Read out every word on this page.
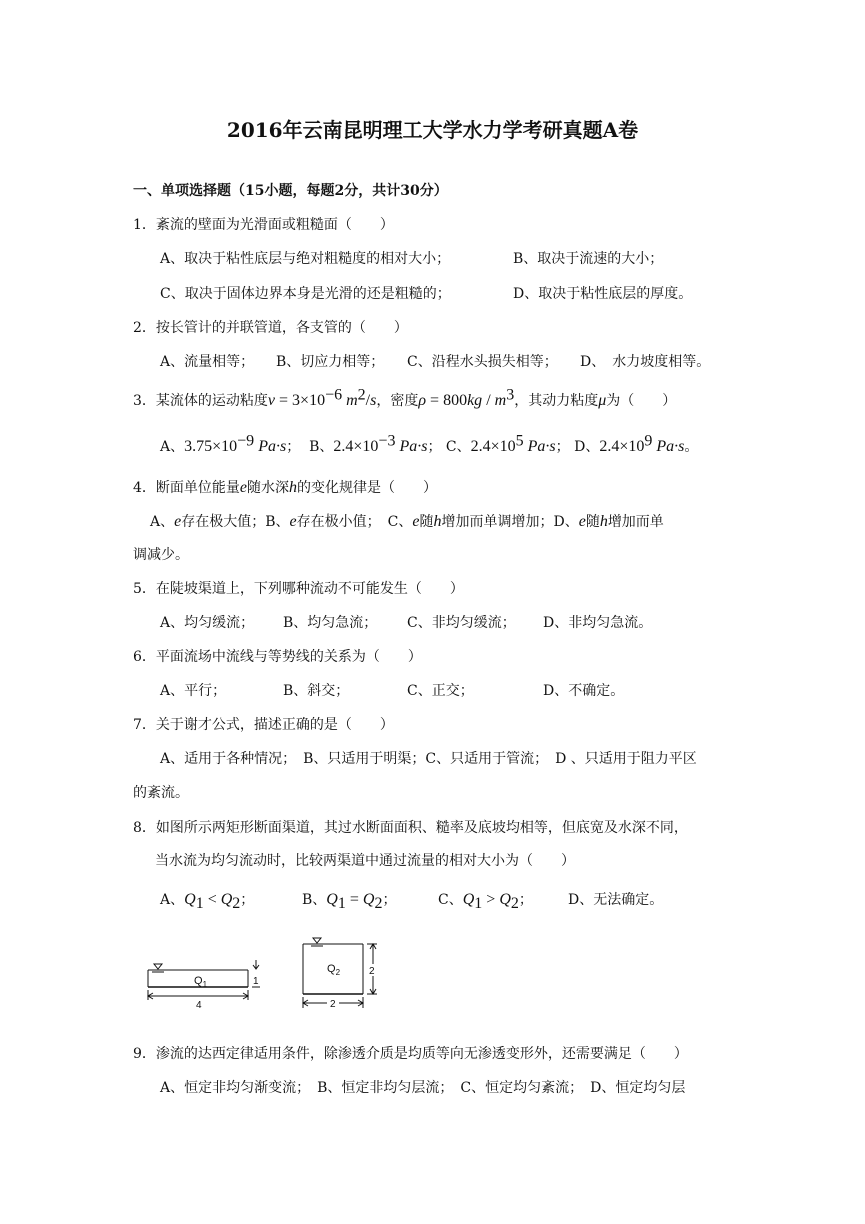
2016年云南昆明理工大学水力学考研真题A卷
一、单项选择题（15小题，每题2分，共计30分）
1．紊流的壁面为光滑面或粗糙面（　　）
A、取决于粘性底层与绝对粗糙度的相对大小；	B、取决于流速的大小；
C、取决于固体边界本身是光滑的还是粗糙的；	D、取决于粘性底层的厚度。
2．按长管计的并联管道，各支管的（　　）
A、流量相等； B、切应力相等； C、沿程水头损失相等； D、　水力坡度相等。
3．某流体的运动粘度$\nu = 3\times 10^{-6}$ $m^2/s$，密度$\rho = 800kg / m^3$，其动力粘度μ为（　　）
A、$3.75\times 10^{-9}$ Pa·s； B、$2.4\times 10^{-3}$ Pa·s； C、$2.4\times 10^5$ Pa·s； D、$2.4\times 10^9$ Pa·s。
4．断面单位能量e随水深h的变化规律是（　　）
A、e存在极大值；B、e存在极小值；　C、e随h增加而单调增加；D、e随h增加而单
调减少。
5．在陡坡渠道上，下列哪种流动不可能发生（　　）
A、均匀缓流； B、均匀急流； C、非均匀缓流； D、非均匀急流。
6．平面流场中流线与等势线的关系为（　　）
A、平行；	B、斜交；	C、正交；	D、不确定。
7．关于谢才公式，描述正确的是（　　）
A、适用于各种情况；　B、只适用于明渠；C、只适用于管流；　D 、只适用于阻力平区
的紊流。
8．如图所示两矩形断面渠道，其过水断面面积、糙率及底坡均相等，但底宽及水深不同，
当水流为均匀流动时，比较两渠道中通过流量的相对大小为（　　）
A、$Q_1 < Q_2$；	B、$Q_1 = Q_2$；	C、$Q_1 > Q_2$；	D、无法确定。
$Q_1$	1
4
$Q_2$	2
2
9．渗流的达西定律适用条件，除渗透介质是均质等向无渗透变形外，还需要满足（　　）
A、恒定非均匀渐变流；　B、恒定非均匀层流；　C、恒定均匀紊流；　D、恒定均匀层
